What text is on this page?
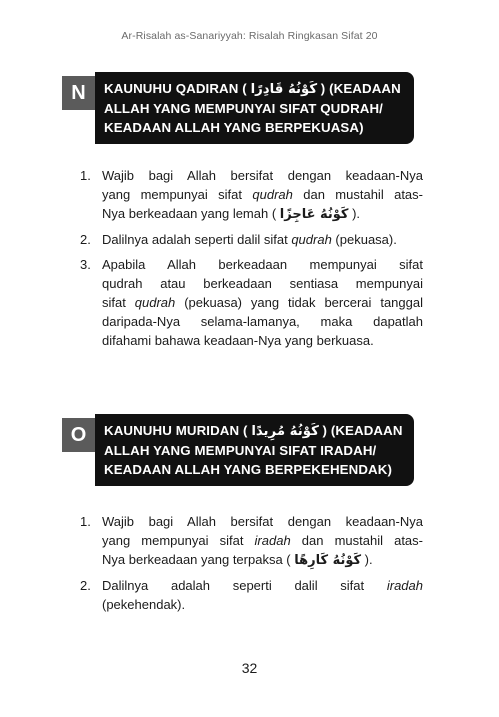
Ar-Risalah as-Sanariyyah: Risalah Ringkasan Sifat 20
N	KAUNUHU QADIRAN ( كَوْنُهُ قَادِرًا ) (KEADAAN
ALLAH YANG MEMPUNYAI SIFAT QUDRAH/
KEADAAN ALLAH YANG BERPEKUASA)
1. Wajib bagi Allah bersifat dengan keadaan-Nya
yang mempunyai sifat qudrah dan mustahil atas-
Nya berkeadaan yang lemah ( كَوْنُهُ عَاجِزًا ).
2. Dalilnya adalah seperti dalil sifat qudrah (pekuasa).
3. Apabila Allah berkeadaan mempunyai sifat
qudrah atau berkeadaan sentiasa mempunyai
sifat qudrah (pekuasa) yang tidak bercerai tanggal
daripada-Nya selama-lamanya, maka dapatlah
difahami bahawa keadaan-Nya yang berkuasa.
O	KAUNUHU MURIDAN ( كَوْنُهُ مُرِيدًا ) (KEADAAN
ALLAH YANG MEMPUNYAI SIFAT IRADAH/
KEADAAN ALLAH YANG BERPEKEHENDAK)
1. Wajib bagi Allah bersifat dengan keadaan-Nya
yang mempunyai sifat iradah dan mustahil atas-
Nya berkeadaan yang terpaksa ( كَوْنُهُ كَارِهًا ).
2. Dalilnya adalah seperti dalil sifat iradah
(pekehendak).
32
